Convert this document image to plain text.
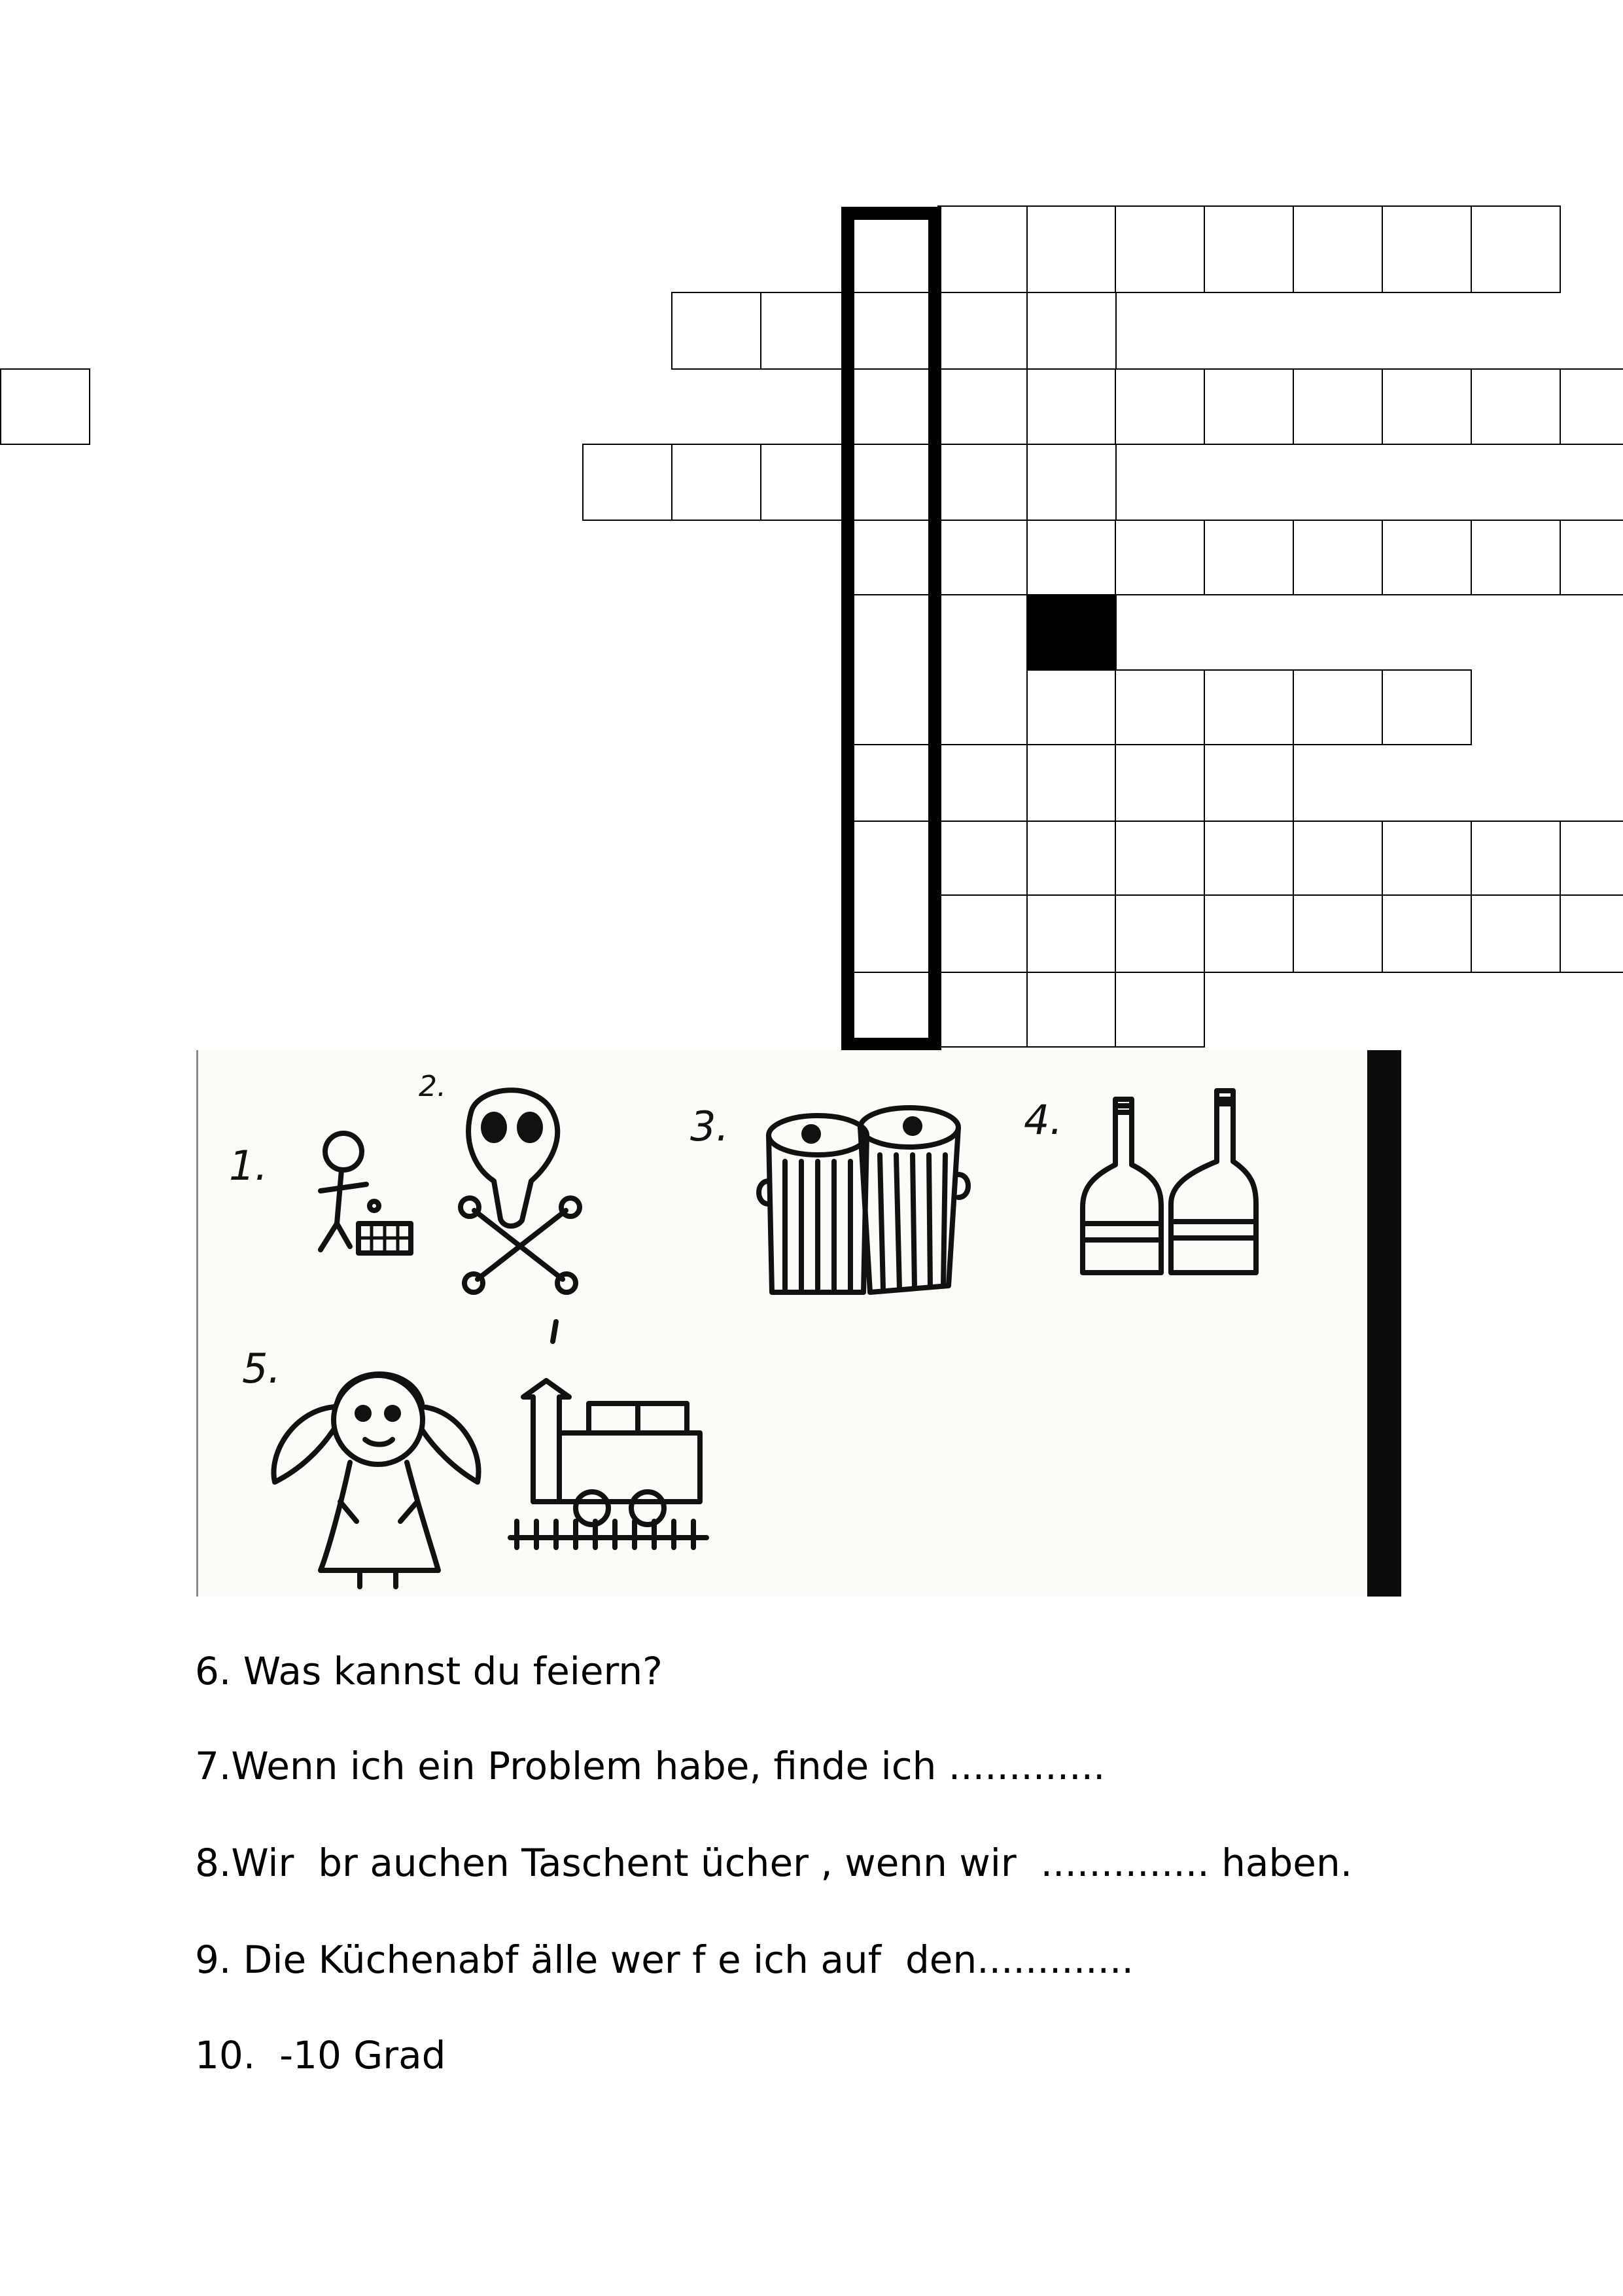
1.
2.
3.	4.
5.
6. Was kannst du feiern?
7.Wenn ich ein Problem habe, finde ich .............
8.Wir  br auchen Taschent ücher , wenn wir  .............. haben.
9. Die Küchenabf älle wer f e ich auf  den.............
10.  -10 Grad
